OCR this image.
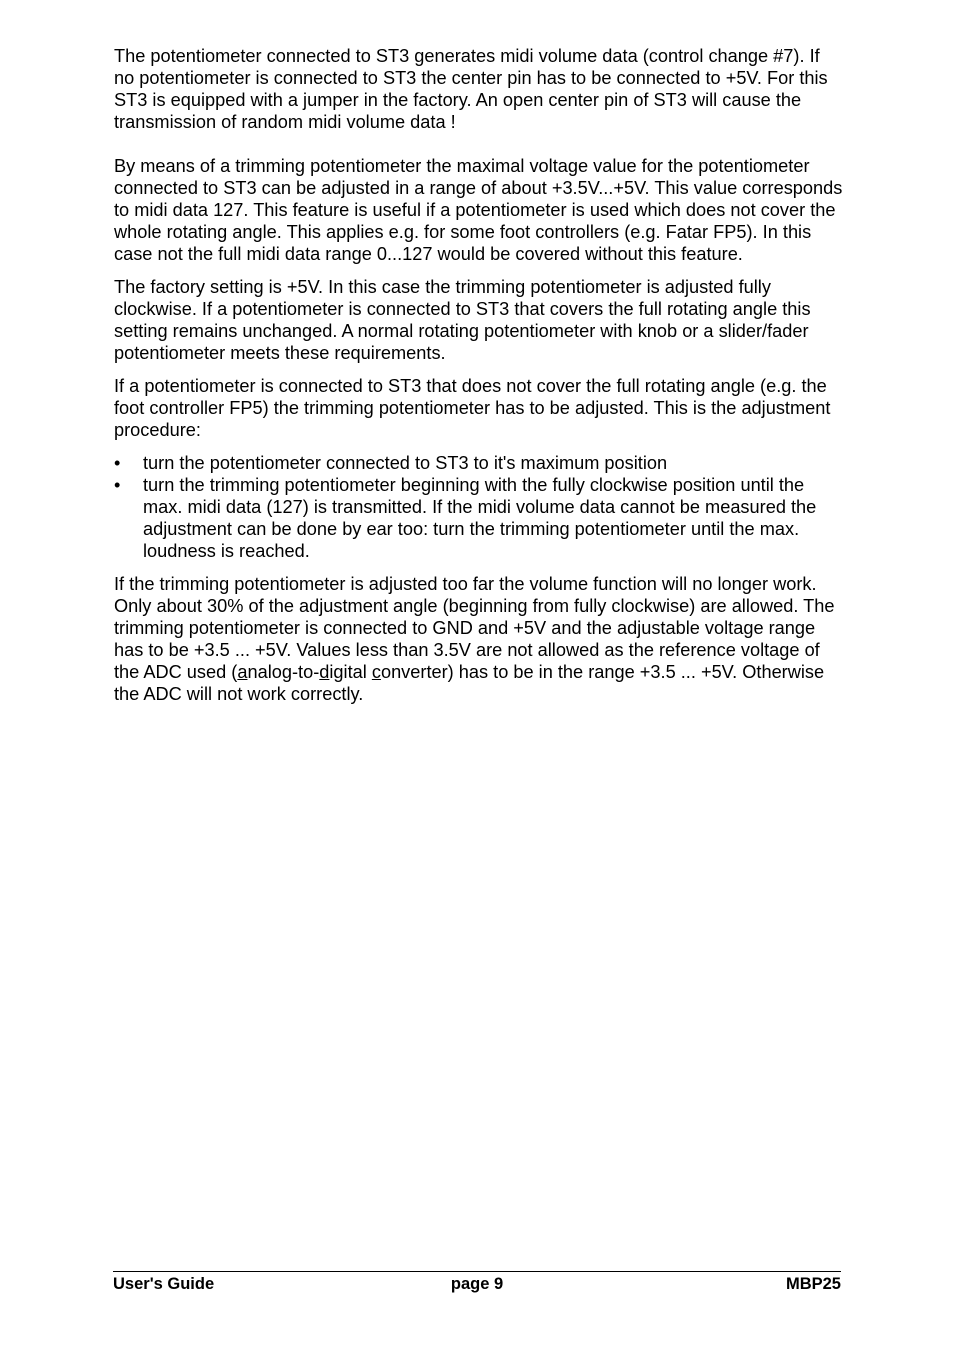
The potentiometer connected to ST3 generates midi volume data (control change #7). If no potentiometer is connected to ST3 the center pin has to be connected to +5V. For this ST3 is equipped with a jumper in the factory. An open center pin of ST3 will cause the transmission of random midi volume data !

By means of a trimming potentiometer the maximal voltage value for the potentiometer connected to ST3 can be adjusted in a range of about +3.5V...+5V. This value corresponds to midi data 127. This feature is useful if a potentiometer is used which does not cover the whole rotating angle. This applies e.g. for some foot controllers (e.g. Fatar FP5). In this case not the full midi data range 0...127 would be covered without this feature.

The factory setting is +5V. In this case the trimming potentiometer is adjusted fully clockwise. If a potentiometer is connected to ST3 that covers the full rotating angle this setting remains unchanged. A normal rotating potentiometer with knob or a slider/fader potentiometer meets these requirements.

If a potentiometer is connected to ST3 that does not cover the full rotating angle (e.g. the foot controller FP5) the trimming potentiometer has to be adjusted. This is the adjustment procedure:

• turn the potentiometer connected to ST3 to it's maximum position
• turn the trimming potentiometer beginning with the fully clockwise position until the max. midi data (127) is transmitted. If the midi volume data cannot be measured the adjustment can be done by ear too: turn the trimming potentiometer until the max. loudness is reached.

If the trimming potentiometer is adjusted too far the volume function will no longer work. Only about 30% of the adjustment angle (beginning from fully clockwise) are allowed. The trimming potentiometer is connected to GND and +5V and the adjustable voltage range has to be +3.5 ... +5V. Values less than 3.5V are not allowed as the reference voltage of the ADC used (analog-to-digital converter) has to be in the range +3.5 ... +5V. Otherwise the ADC will not work correctly.

User's Guide	page 9	MBP25
